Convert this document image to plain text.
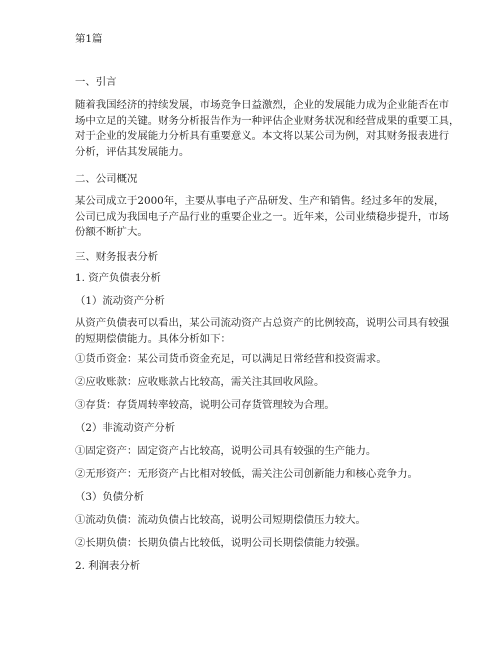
第1篇
一、引言
随着我国经济的持续发展，市场竞争日益激烈，企业的发展能力成为企业能否在市
场中立足的关键。财务分析报告作为一种评估企业财务状况和经营成果的重要工具，
对于企业的发展能力分析具有重要意义。本文将以某公司为例，对其财务报表进行
分析，评估其发展能力。
二、公司概况
某公司成立于2000年，主要从事电子产品研发、生产和销售。经过多年的发展，
公司已成为我国电子产品行业的重要企业之一。近年来，公司业绩稳步提升，市场
份额不断扩大。
三、财务报表分析
1. 资产负债表分析
（1）流动资产分析
从资产负债表可以看出，某公司流动资产占总资产的比例较高，说明公司具有较强
的短期偿债能力。具体分析如下：
①货币资金：某公司货币资金充足，可以满足日常经营和投资需求。
②应收账款：应收账款占比较高，需关注其回收风险。
③存货：存货周转率较高，说明公司存货管理较为合理。
（2）非流动资产分析
①固定资产：固定资产占比较高，说明公司具有较强的生产能力。
②无形资产：无形资产占比相对较低，需关注公司创新能力和核心竞争力。
（3）负债分析
①流动负债：流动负债占比较高，说明公司短期偿债压力较大。
②长期负债：长期负债占比较低，说明公司长期偿债能力较强。
2. 利润表分析
